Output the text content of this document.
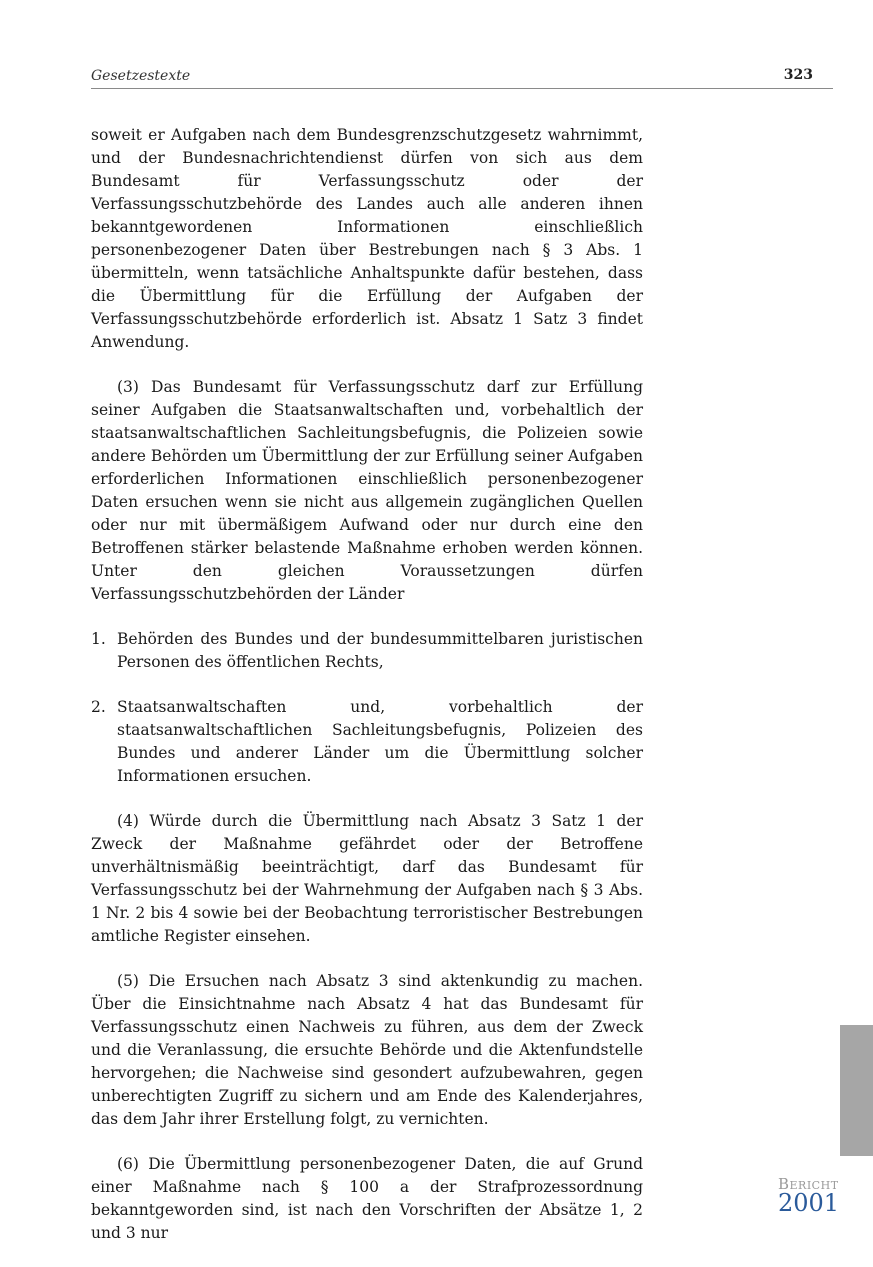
Gesetzestexte	323

soweit er Aufgaben nach dem Bundesgrenzschutzgesetz wahrnimmt, und der Bundesnachrichtendienst dürfen von sich aus dem Bundesamt für Verfassungsschutz oder der Verfassungsschutzbehörde des Landes auch alle anderen ihnen bekanntgewordenen Informationen einschließlich personenbezogener Daten über Bestrebungen nach § 3 Abs. 1 übermitteln, wenn tatsächliche Anhaltspunkte dafür bestehen, dass die Übermittlung für die Erfüllung der Aufgaben der Verfassungsschutzbehörde erforderlich ist. Absatz 1 Satz 3 findet Anwendung.

(3) Das Bundesamt für Verfassungsschutz darf zur Erfüllung seiner Aufgaben die Staatsanwaltschaften und, vorbehaltlich der staatsanwaltschaftlichen Sachleitungsbefugnis, die Polizeien sowie andere Behörden um Übermittlung der zur Erfüllung seiner Aufgaben erforderlichen Informationen einschließlich personenbezogener Daten ersuchen wenn sie nicht aus allgemein zugänglichen Quellen oder nur mit übermäßigem Aufwand oder nur durch eine den Betroffenen stärker belastende Maßnahme erhoben werden können. Unter den gleichen Voraussetzungen dürfen Verfassungsschutzbehörden der Länder

1. Behörden des Bundes und der bundesummittelbaren juristischen Personen des öffentlichen Rechts,
2. Staatsanwaltschaften und, vorbehaltlich der staatsanwaltschaftlichen Sachleitungsbefugnis, Polizeien des Bundes und anderer Länder um die Übermittlung solcher Informationen ersuchen.

(4) Würde durch die Übermittlung nach Absatz 3 Satz 1 der Zweck der Maßnahme gefährdet oder der Betroffene unverhältnismäßig beeinträchtigt, darf das Bundesamt für Verfassungsschutz bei der Wahrnehmung der Aufgaben nach § 3 Abs. 1 Nr. 2 bis 4 sowie bei der Beobachtung terroristischer Bestrebungen amtliche Register einsehen.

(5) Die Ersuchen nach Absatz 3 sind aktenkundig zu machen. Über die Einsichtnahme nach Absatz 4 hat das Bundesamt für Verfassungsschutz einen Nachweis zu führen, aus dem der Zweck und die Veranlassung, die ersuchte Behörde und die Aktenfundstelle hervorgehen; die Nachweise sind gesondert aufzubewahren, gegen unberechtigten Zugriff zu sichern und am Ende des Kalenderjahres, das dem Jahr ihrer Erstellung folgt, zu vernichten.

(6) Die Übermittlung personenbezogener Daten, die auf Grund einer Maßnahme nach § 100 a der Strafprozessordnung bekanntgeworden sind, ist nach den Vorschriften der Absätze 1, 2 und 3 nur

Bericht
2001
